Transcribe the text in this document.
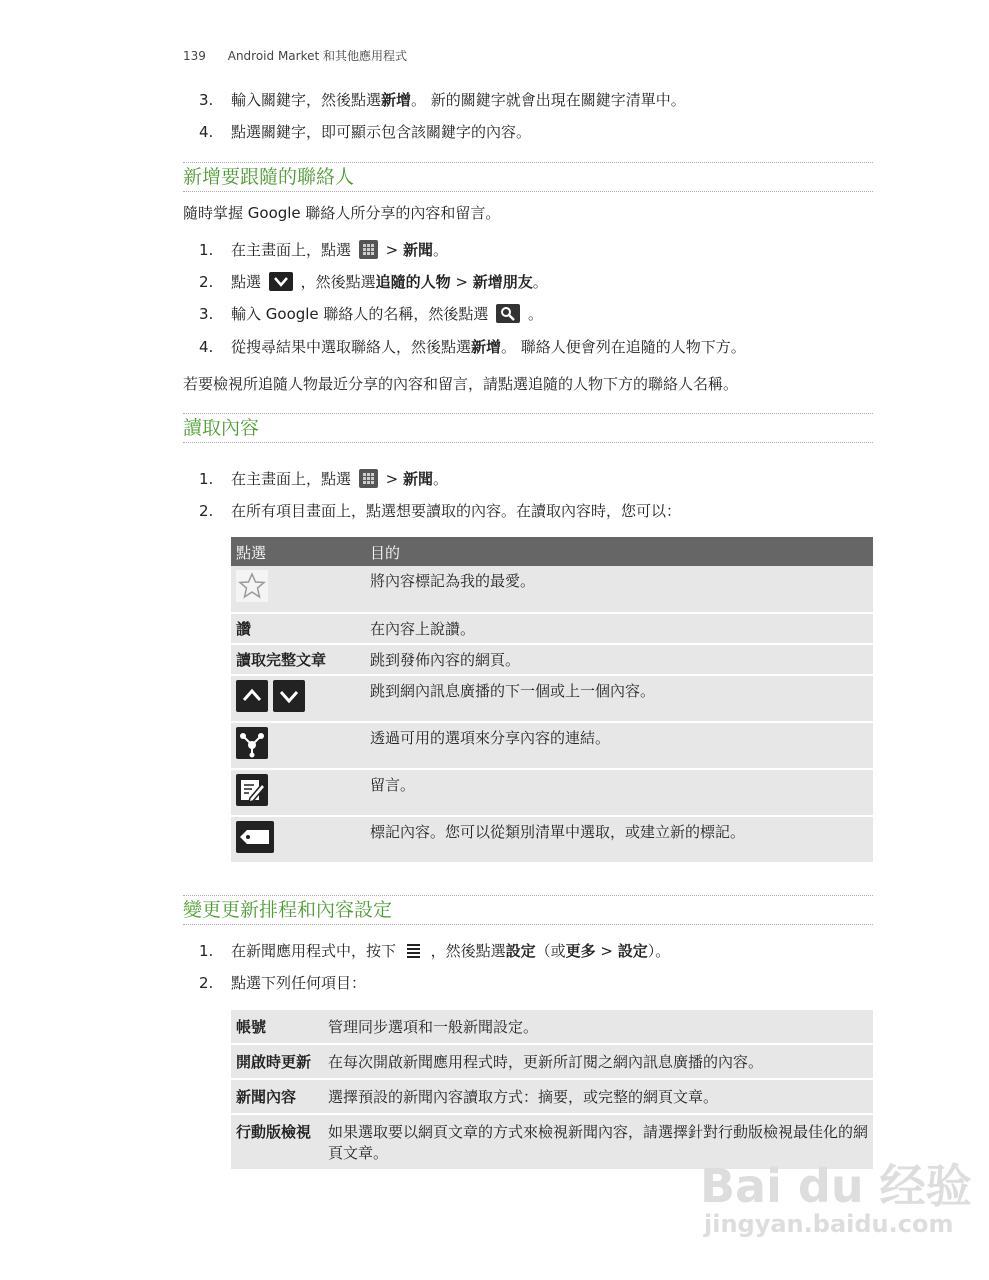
139 Android Market 和其他應用程式
3. 輸入關鍵字，然後點選新增。 新的關鍵字就會出現在關鍵字清單中。
4. 點選關鍵字，即可顯示包含該關鍵字的內容。
新增要跟隨的聯絡人
隨時掌握 Google 聯絡人所分享的內容和留言。
1. 在主畫面上，點選 > 新聞。
2. 點選	，然後點選追隨的人物 > 新增朋友。
3. 輸入 Google 聯絡人的名稱，然後點選	。
4. 從搜尋結果中選取聯絡人，然後點選新增。 聯絡人便會列在追隨的人物下方。
若要檢視所追隨人物最近分享的內容和留言，請點選追隨的人物下方的聯絡人名稱。
讀取內容
1. 在主畫面上，點選 > 新聞。
2. 在所有項目畫面上，點選想要讀取的內容。在讀取內容時，您可以：
點選	目的
	將內容標記為我的最愛。
讚	在內容上說讚。
讀取完整文章	跳到發佈內容的網頁。
	跳到網內訊息廣播的下一個或上一個內容。
	透過可用的選項來分享內容的連結。
	留言。
	標記內容。您可以從類別清單中選取，或建立新的標記。
變更更新排程和內容設定
1. 在新聞應用程式中，按下 ，然後點選設定（或更多 > 設定）。
2. 點選下列任何項目：
帳號	管理同步選項和一般新聞設定。
開啟時更新	在每次開啟新聞應用程式時，更新所訂閱之網內訊息廣播的內容。
新聞內容	選擇預設的新聞內容讀取方式：摘要，或完整的網頁文章。
行動版檢視	如果選取要以網頁文章的方式來檢視新聞內容，請選擇針對行動版檢視最佳化的網頁文章。
Bai du 经验
jingyan.baidu.com
